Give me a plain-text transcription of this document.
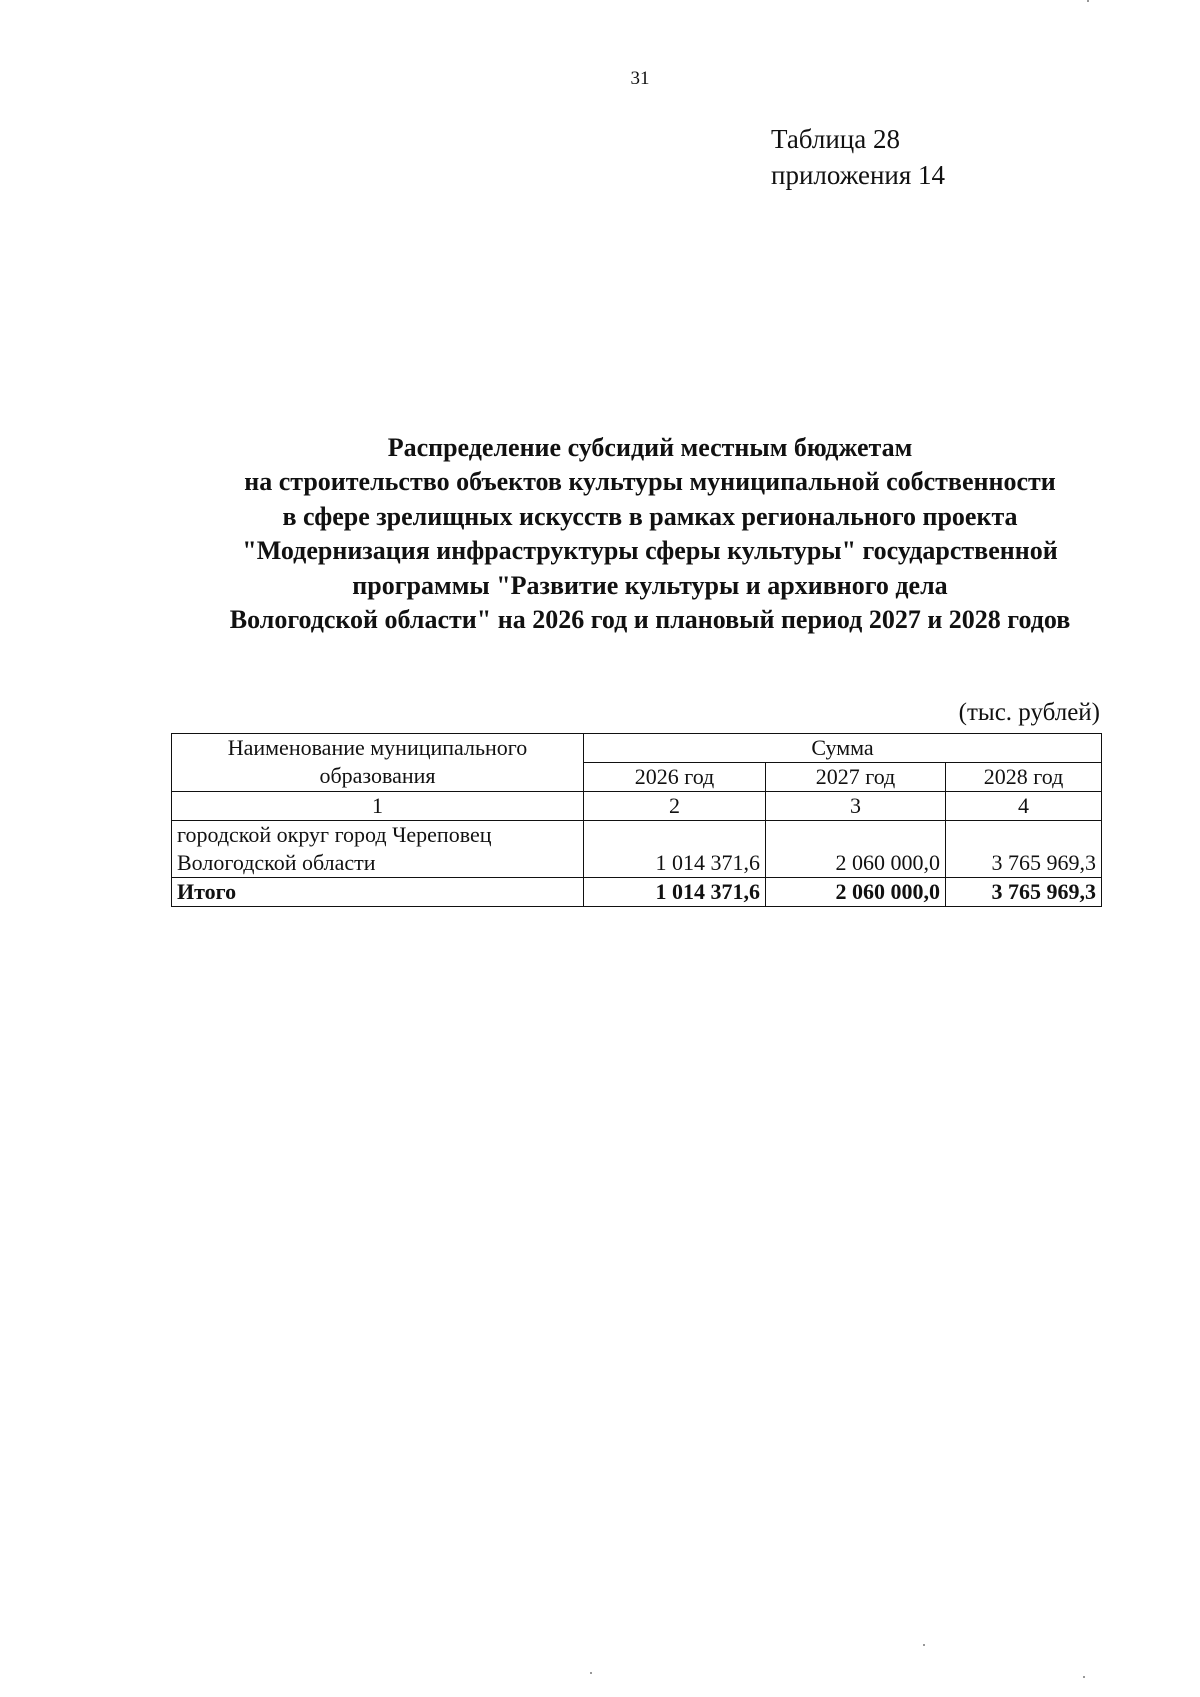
31
Таблица 28
приложения 14
Распределение субсидий местным бюджетам
на строительство объектов культуры муниципальной собственности
в сфере зрелищных искусств в рамках регионального проекта
"Модернизация инфраструктуры сферы культуры" государственной
программы "Развитие культуры и архивного дела
Вологодской области" на 2026 год и плановый период 2027 и 2028 годов
(тыс. рублей)
Наименование муниципального
образования	Сумма		
	2026 год	2027 год	2028 год
1	2	3	4

городской округ город Череповец
Вологодской области	1 014 371,6	2 060 000,0	3 765 969,3
Итого	1 014 371,6	2 060 000,0	3 765 969,3
